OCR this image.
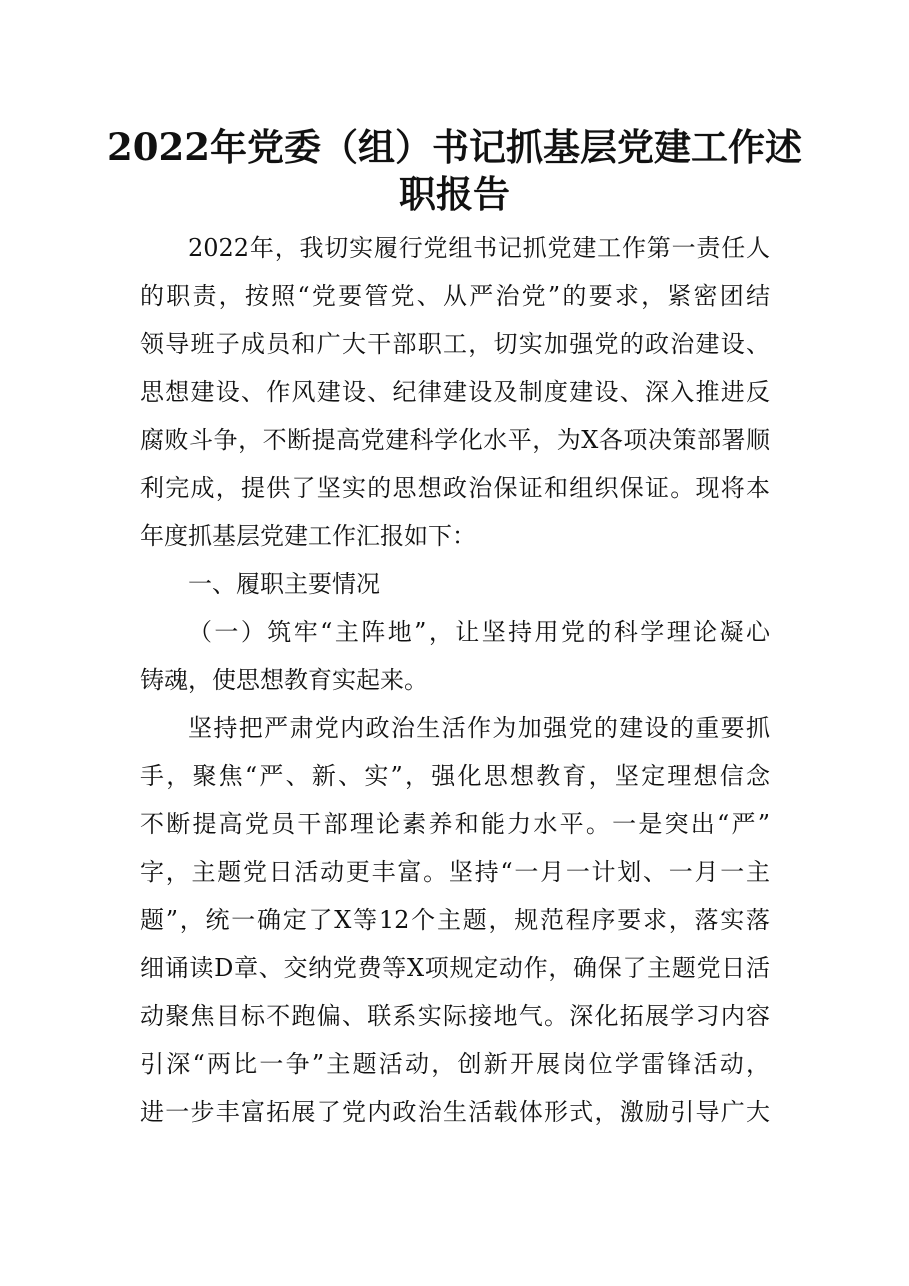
2022年党委（组）书记抓基层党建工作述
职报告
2022年，我切实履行党组书记抓党建工作第一责任人
的职责，按照“党要管党、从严治党”的要求，紧密团结
领导班子成员和广大干部职工，切实加强党的政治建设、
思想建设、作风建设、纪律建设及制度建设、深入推进反
腐败斗争，不断提高党建科学化水平，为X各项决策部署顺
利完成，提供了坚实的思想政治保证和组织保证。现将本
年度抓基层党建工作汇报如下：
一、履职主要情况
（一）筑牢“主阵地”，让坚持用党的科学理论凝心
铸魂，使思想教育实起来。
坚持把严肃党内政治生活作为加强党的建设的重要抓
手，聚焦“严、新、实”，强化思想教育，坚定理想信念
不断提高党员干部理论素养和能力水平。一是突出“严”
字，主题党日活动更丰富。坚持“一月一计划、一月一主
题”，统一确定了X等12个主题，规范程序要求，落实落
细诵读D章、交纳党费等X项规定动作，确保了主题党日活
动聚焦目标不跑偏、联系实际接地气。深化拓展学习内容
引深“两比一争”主题活动，创新开展岗位学雷锋活动，
进一步丰富拓展了党内政治生活载体形式，激励引导广大
